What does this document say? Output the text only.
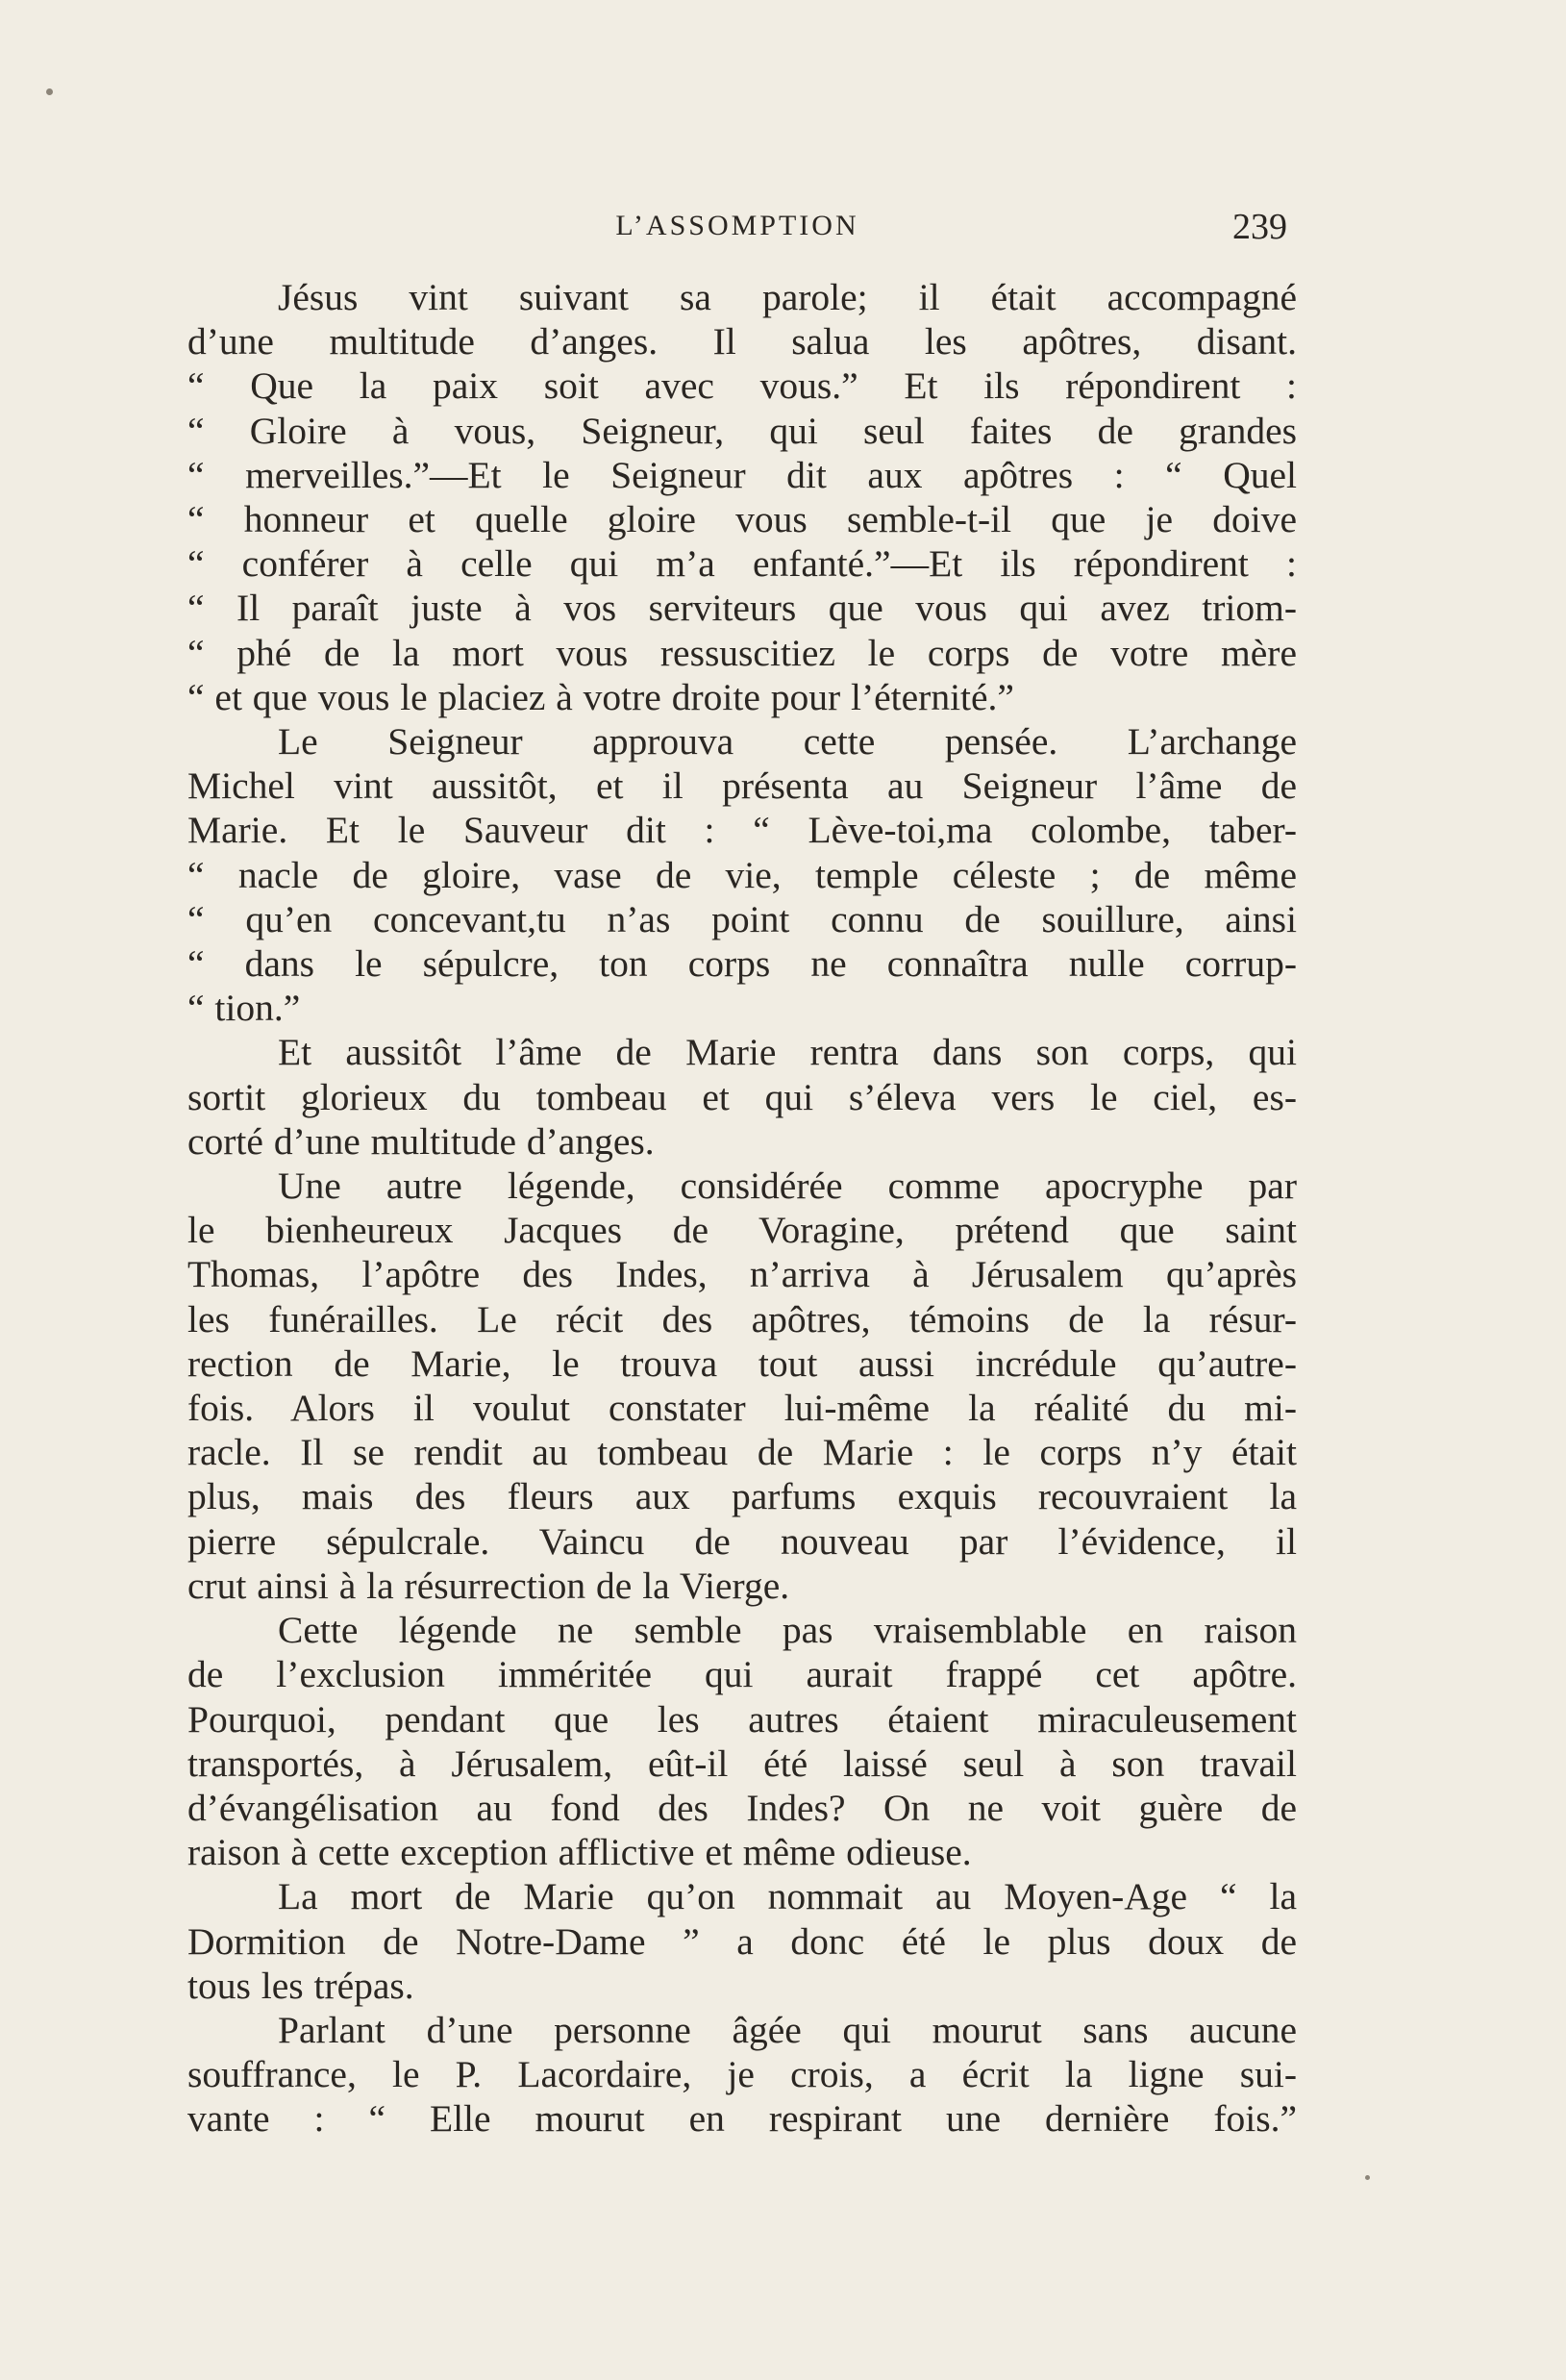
L’ASSOMPTION	239
Jésus vint suivant sa parole; il était accompagné
d’une multitude d’anges. Il salua les apôtres, disant.
“ Que la paix soit avec vous.” Et ils répondirent :
“ Gloire à vous, Seigneur, qui seul faites de grandes
“ merveilles.”—Et le Seigneur dit aux apôtres : “ Quel
“ honneur et quelle gloire vous semble-t-il que je doive
“ conférer à celle qui m’a enfanté.”—Et ils répondirent :
“ Il paraît juste à vos serviteurs que vous qui avez triom-
“ phé de la mort vous ressuscitiez le corps de votre mère
“ et que vous le placiez à votre droite pour l’éternité.”
Le Seigneur approuva cette pensée. L’archange
Michel vint aussitôt, et il présenta au Seigneur l’âme de
Marie. Et le Sauveur dit : “ Lève-toi,ma colombe, taber-
“ nacle de gloire, vase de vie, temple céleste ; de même
“ qu’en concevant,tu n’as point connu de souillure, ainsi
“ dans le sépulcre, ton corps ne connaîtra nulle corrup-
“ tion.”
Et aussitôt l’âme de Marie rentra dans son corps, qui
sortit glorieux du tombeau et qui s’éleva vers le ciel, es-
corté d’une multitude d’anges.
Une autre légende, considérée comme apocryphe par
le bienheureux Jacques de Voragine, prétend que saint
Thomas, l’apôtre des Indes, n’arriva à Jérusalem qu’après
les funérailles. Le récit des apôtres, témoins de la résur-
rection de Marie, le trouva tout aussi incrédule qu’autre-
fois. Alors il voulut constater lui-même la réalité du mi-
racle. Il se rendit au tombeau de Marie : le corps n’y était
plus, mais des fleurs aux parfums exquis recouvraient la
pierre sépulcrale. Vaincu de nouveau par l’évidence, il
crut ainsi à la résurrection de la Vierge.
Cette légende ne semble pas vraisemblable en raison
de l’exclusion imméritée qui aurait frappé cet apôtre.
Pourquoi, pendant que les autres étaient miraculeusement
transportés, à Jérusalem, eût-il été laissé seul à son travail
d’évangélisation au fond des Indes? On ne voit guère de
raison à cette exception afflictive et même odieuse.
La mort de Marie qu’on nommait au Moyen-Age “ la
Dormition de Notre-Dame ” a donc été le plus doux de
tous les trépas.
Parlant d’une personne âgée qui mourut sans aucune
souffrance, le P. Lacordaire, je crois, a écrit la ligne sui-
vante : “ Elle mourut en respirant une dernière fois.”
